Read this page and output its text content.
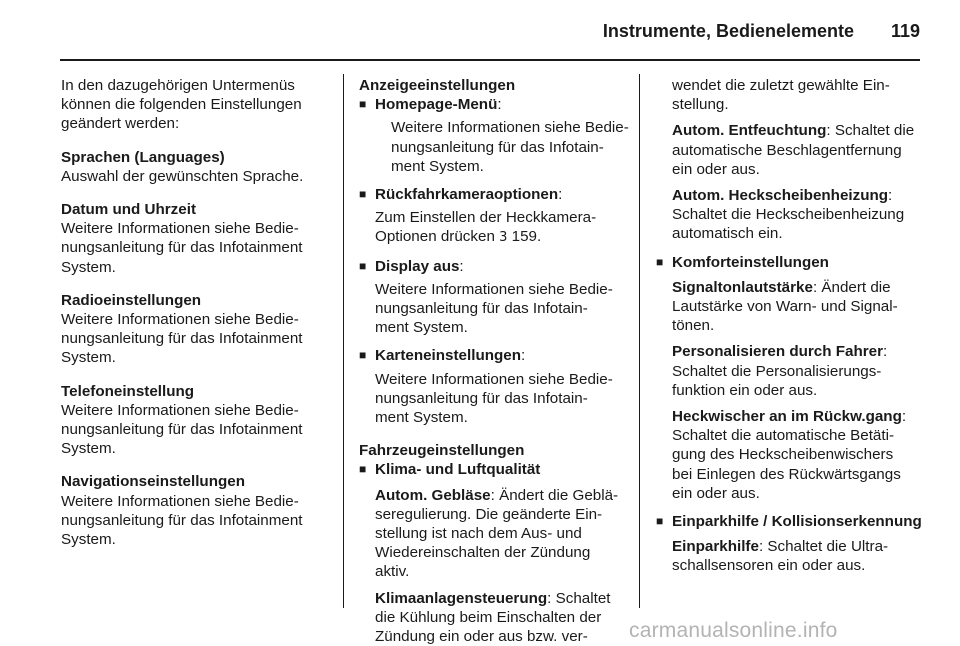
Instrumente, Bedienelemente 119

In den dazugehörigen Untermenüs

können die folgenden Einstellungen

geändert werden:

Sprachen (Languages)

Auswahl der gewünschten Sprache.

Datum und Uhrzeit

Weitere Informationen siehe Bedie-

nungsanleitung für das Infotainment

System.

Radioeinstellungen

Weitere Informationen siehe Bedie-

nungsanleitung für das Infotainment

System.

Telefoneinstellung

Weitere Informationen siehe Bedie-

nungsanleitung für das Infotainment

System.

Navigationseinstellungen

Weitere Informationen siehe Bedie-

nungsanleitung für das Infotainment

System.

Anzeigeeinstellungen

■ Homepage-Menü:

Weitere Informationen siehe Bedie-

nungsanleitung für das Infotain-

ment System.

■ Rückfahrkameraoptionen:

Zum Einstellen der Heckkamera-

Optionen drücken 3 159.

■ Display aus:

Weitere Informationen siehe Bedie-

nungsanleitung für das Infotain-

ment System.

■ Karteneinstellungen:

Weitere Informationen siehe Bedie-

nungsanleitung für das Infotain-

ment System.

Fahrzeugeinstellungen

■ Klima- und Luftqualität

Autom. Gebläse: Ändert die Geblä-

seregulierung. Die geänderte Ein-

stellung ist nach dem Aus- und

Wiedereinschalten der Zündung

aktiv.

Klimaanlagensteuerung: Schaltet

die Kühlung beim Einschalten der

Zündung ein oder aus bzw. ver-

wendet die zuletzt gewählte Ein-

stellung.

Autom. Entfeuchtung: Schaltet die

automatische Beschlagentfernung

ein oder aus.

Autom. Heckscheibenheizung:

Schaltet die Heckscheibenheizung

automatisch ein.

■ Komforteinstellungen

Signaltonlautstärke: Ändert die

Lautstärke von Warn- und Signal-

tönen.

Personalisieren durch Fahrer:

Schaltet die Personalisierungs-

funktion ein oder aus.

Heckwischer an im Rückw.gang:

Schaltet die automatische Betäti-

gung des Heckscheibenwischers

bei Einlegen des Rückwärtsgangs

ein oder aus.

■ Einparkhilfe / Kollisionserkennung

Einparkhilfe: Schaltet die Ultra-

schallsensoren ein oder aus.

carmanualsonline.info
